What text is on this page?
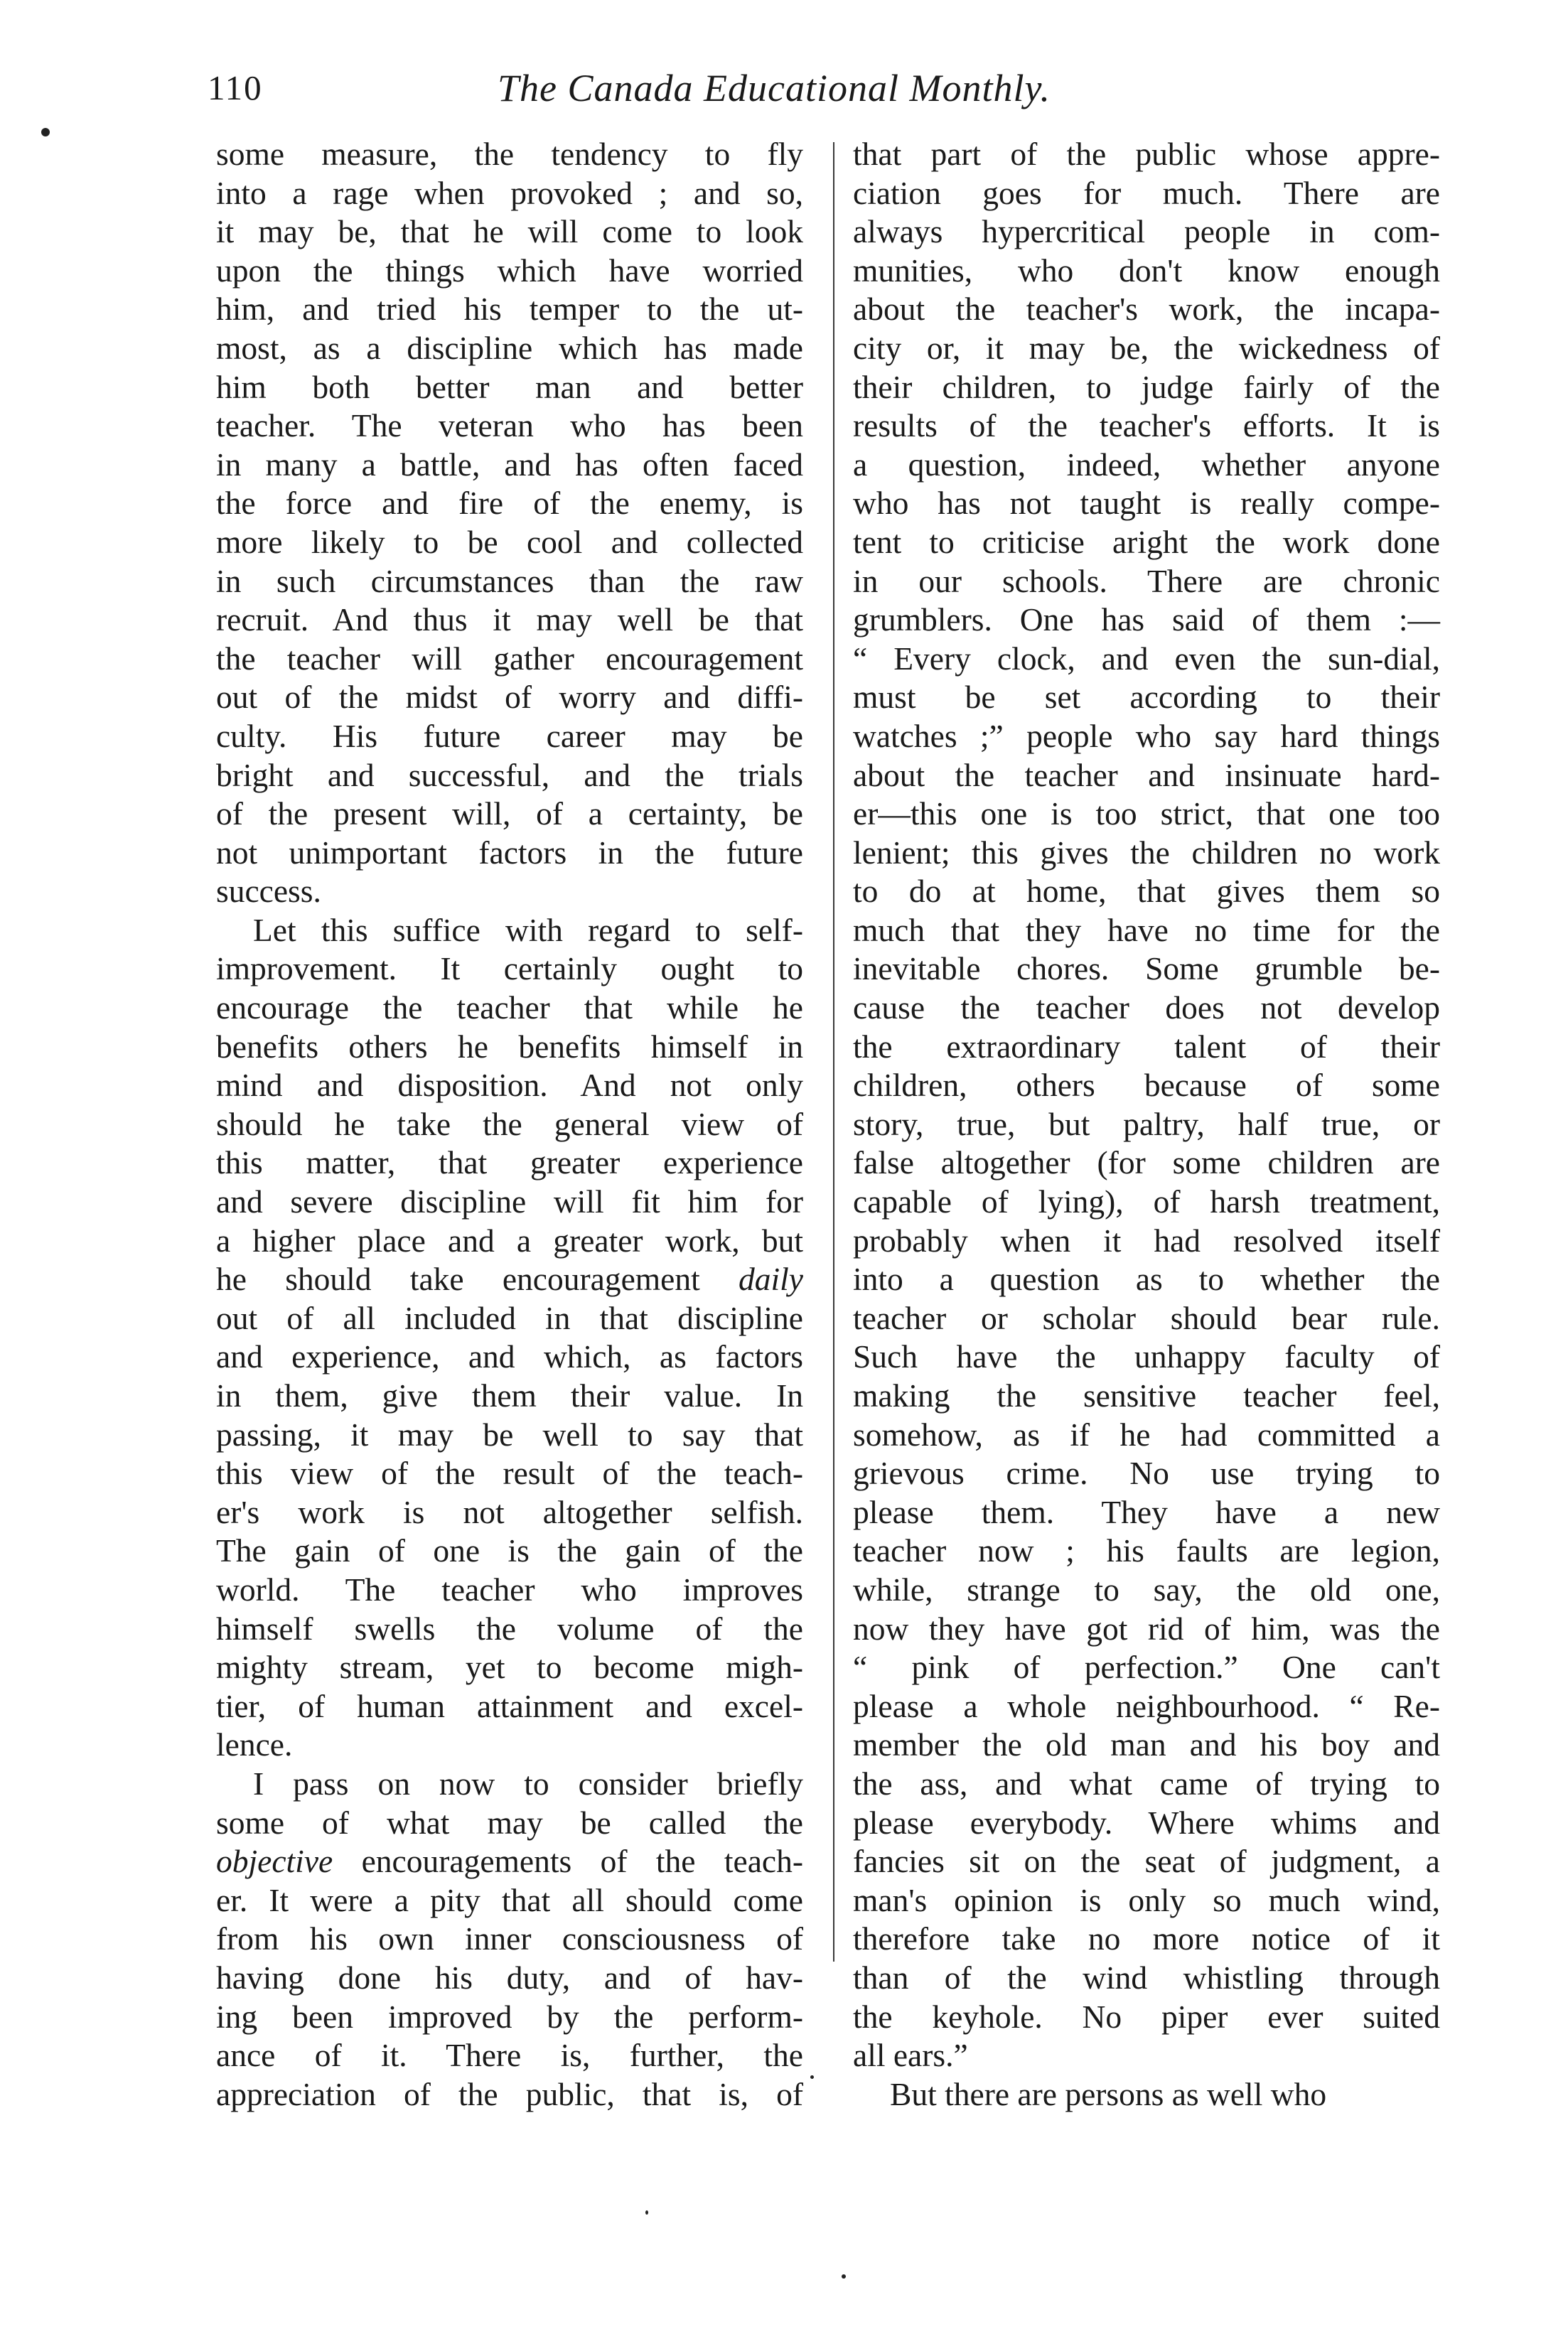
110	The Canada Educational Monthly.
some measure, the tendency to fly
into a rage when provoked ; and so,
it may be, that he will come to look
upon the things which have worried
him, and tried his temper to the ut-
most, as a discipline which has made
him both better man and better
teacher. The veteran who has been
in many a battle, and has often faced
the force and fire of the enemy, is
more likely to be cool and collected
in such circumstances than the raw
recruit. And thus it may well be that
the teacher will gather encouragement
out of the midst of worry and diffi-
culty. His future career may be
bright and successful, and the trials
of the present will, of a certainty, be
not unimportant factors in the future
success.
Let this suffice with regard to self-
improvement. It certainly ought to
encourage the teacher that while he
benefits others he benefits himself in
mind and disposition. And not only
should he take the general view of
this matter, that greater experience
and severe discipline will fit him for
a higher place and a greater work, but
he should take encouragement daily
out of all included in that discipline
and experience, and which, as factors
in them, give them their value. In
passing, it may be well to say that
this view of the result of the teach-
er's work is not altogether selfish.
The gain of one is the gain of the
world. The teacher who improves
himself swells the volume of the
mighty stream, yet to become migh-
tier, of human attainment and excel-
lence.
I pass on now to consider briefly
some of what may be called the
objective encouragements of the teach-
er. It were a pity that all should come
from his own inner consciousness of
having done his duty, and of hav-
ing been improved by the perform-
ance of it. There is, further, the
appreciation of the public, that is, of
that part of the public whose appre-
ciation goes for much. There are
always hypercritical people in com-
munities, who don't know enough
about the teacher's work, the incapa-
city or, it may be, the wickedness of
their children, to judge fairly of the
results of the teacher's efforts. It is
a question, indeed, whether anyone
who has not taught is really compe-
tent to criticise aright the work done
in our schools. There are chronic
grumblers. One has said of them :—
“ Every clock, and even the sun-dial,
must be set according to their
watches ;” people who say hard things
about the teacher and insinuate hard-
er—this one is too strict, that one too
lenient; this gives the children no work
to do at home, that gives them so
much that they have no time for the
inevitable chores. Some grumble be-
cause the teacher does not develop
the extraordinary talent of their
children, others because of some
story, true, but paltry, half true, or
false altogether (for some children are
capable of lying), of harsh treatment,
probably when it had resolved itself
into a question as to whether the
teacher or scholar should bear rule.
Such have the unhappy faculty of
making the sensitive teacher feel,
somehow, as if he had committed a
grievous crime. No use trying to
please them. They have a new
teacher now ; his faults are legion,
while, strange to say, the old one,
now they have got rid of him, was the
“ pink of perfection.” One can't
please a whole neighbourhood. “ Re-
member the old man and his boy and
the ass, and what came of trying to
please everybody. Where whims and
fancies sit on the seat of judgment, a
man's opinion is only so much wind,
therefore take no more notice of it
than of the wind whistling through
the keyhole. No piper ever suited
all ears.”
But there are persons as well who
